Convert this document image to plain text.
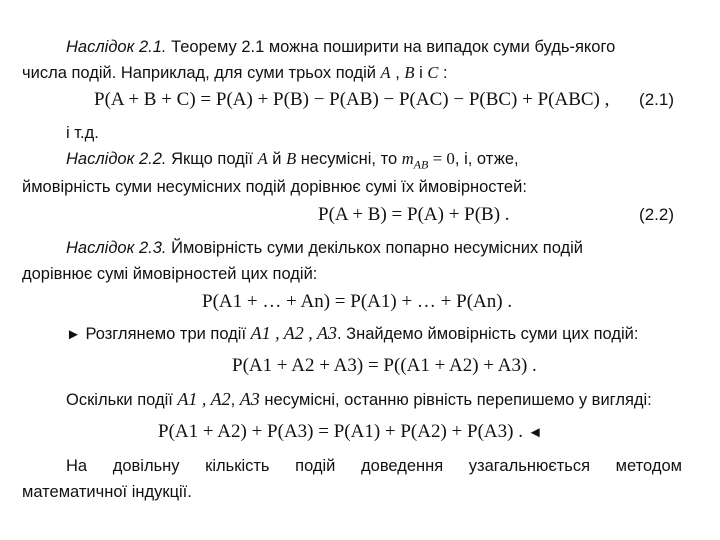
Наслідок 2.1. Теорему 2.1 можна поширити на випадок суми будь-якого
числа подій. Наприклад, для суми трьох подій A , B і C :
P(A + B + C) = P(A) + P(B) − P(AB) − P(AC) − P(BC) + P(ABC) , (2.1)
і т.д.
Наслідок 2.2. Якщо події A й B несумісні, то $m_{AB} = 0$, і, отже,
ймовірність суми несумісних подій дорівнює сумі їх ймовірностей:
P(A + B) = P(A) + P(B) .	(2.2)
Наслідок 2.3. Ймовірність суми декількох попарно несумісних подій
дорівнює сумі ймовірностей цих подій:
P(A1 + … + An) = P(A1) + … + P(An) .
► Розглянемо три події A1 , A2 , A3. Знайдемо ймовірність суми цих подій:
P(A1 + A2 + A3) = P((A1 + A2) + A3) .
Оскільки події A1 , A2, A3 несумісні, останню рівність перепишемо у вигляді:
P(A1 + A2) + P(A3) = P(A1) + P(A2) + P(A3) . ◄
На довільну кількість подій доведення узагальнюється методом
математичної індукції.
